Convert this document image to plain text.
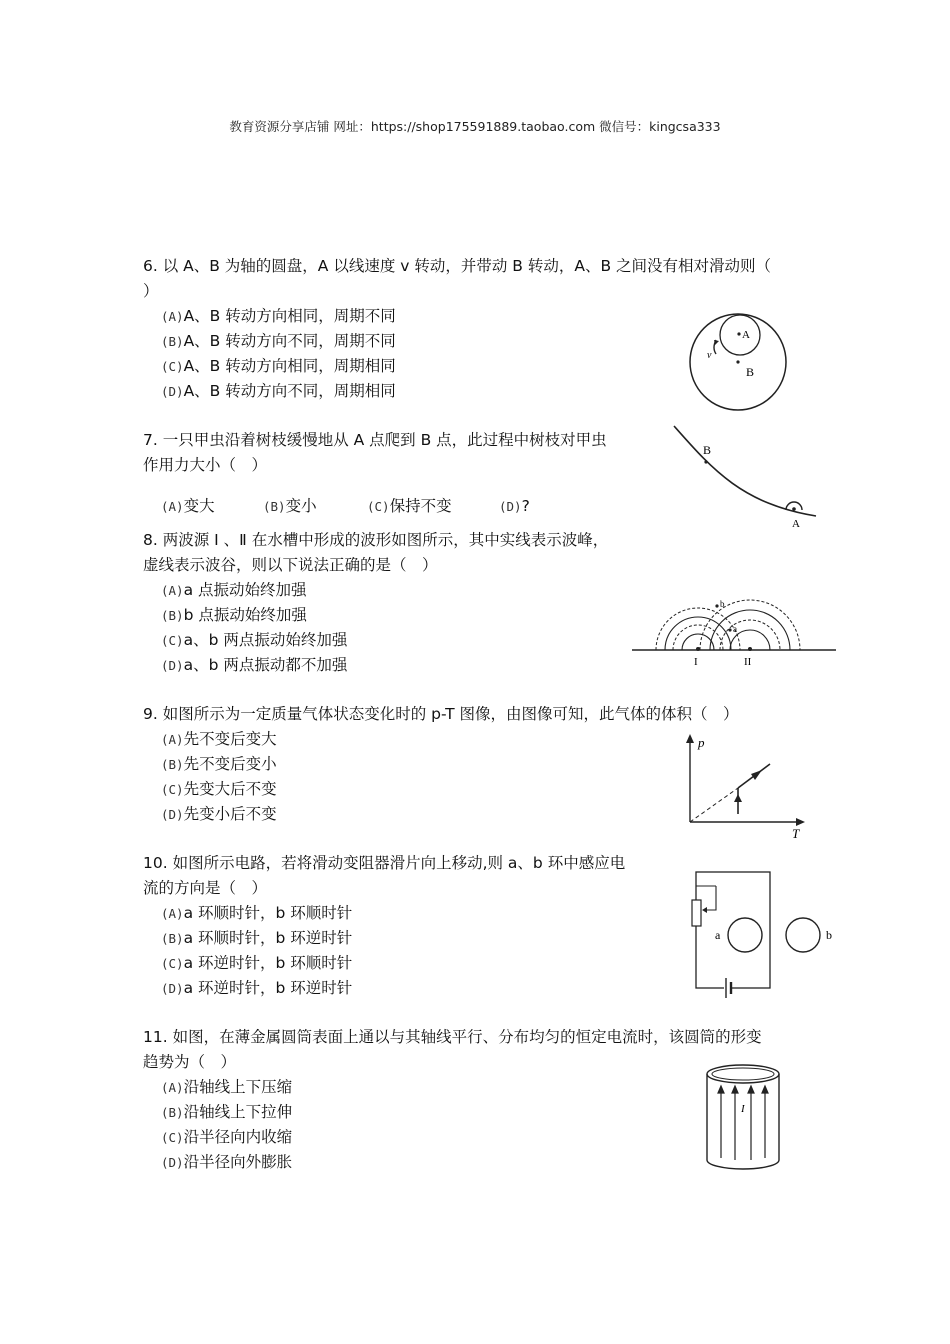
教育资源分享店铺 网址：https://shop175591889.taobao.com 微信号：kingcsa333

6. 以 A、B 为轴的圆盘，A 以线速度 v 转动，并带动 B 转动，A、B 之间没有相对滑动则（

）

(A)A、B 转动方向相同，周期不同

(B)A、B 转动方向不同，周期不同

(C)A、B 转动方向相同，周期相同

(D)A、B 转动方向不同，周期相同

A
B
v

7. 一只甲虫沿着树枝缓慢地从 A 点爬到 B 点，此过程中树枝对甲虫

作用力大小（　）

(A)变大	(B)变小	(C)保持不变	(D)?

B
A

8. 两波源 Ⅰ 、Ⅱ 在水槽中形成的波形如图所示，其中实线表示波峰，

虚线表示波谷，则以下说法正确的是（　）

(A)a 点振动始终加强

(B)b 点振动始终加强

(C)a、b 两点振动始终加强

(D)a、b 两点振动都不加强	I	II
a
b

9. 如图所示为一定质量气体状态变化时的 p-T 图像，由图像可知，此气体的体积（　）

(A)先不变后变大

(B)先不变后变小

(C)先变大后不变

(D)先变小后不变

p
T

10. 如图所示电路，若将滑动变阻器滑片向上移动,则 a、b 环中感应电

流的方向是（　）

(A)a 环顺时针，b 环顺时针

(B)a 环顺时针，b 环逆时针

(C)a 环逆时针，b 环顺时针

(D)a 环逆时针，b 环逆时针

a	b

11. 如图，在薄金属圆筒表面上通以与其轴线平行、分布均匀的恒定电流时，该圆筒的形变

趋势为（　）

(A)沿轴线上下压缩

(B)沿轴线上下拉伸

(C)沿半径向内收缩

(D)沿半径向外膨胀

I
